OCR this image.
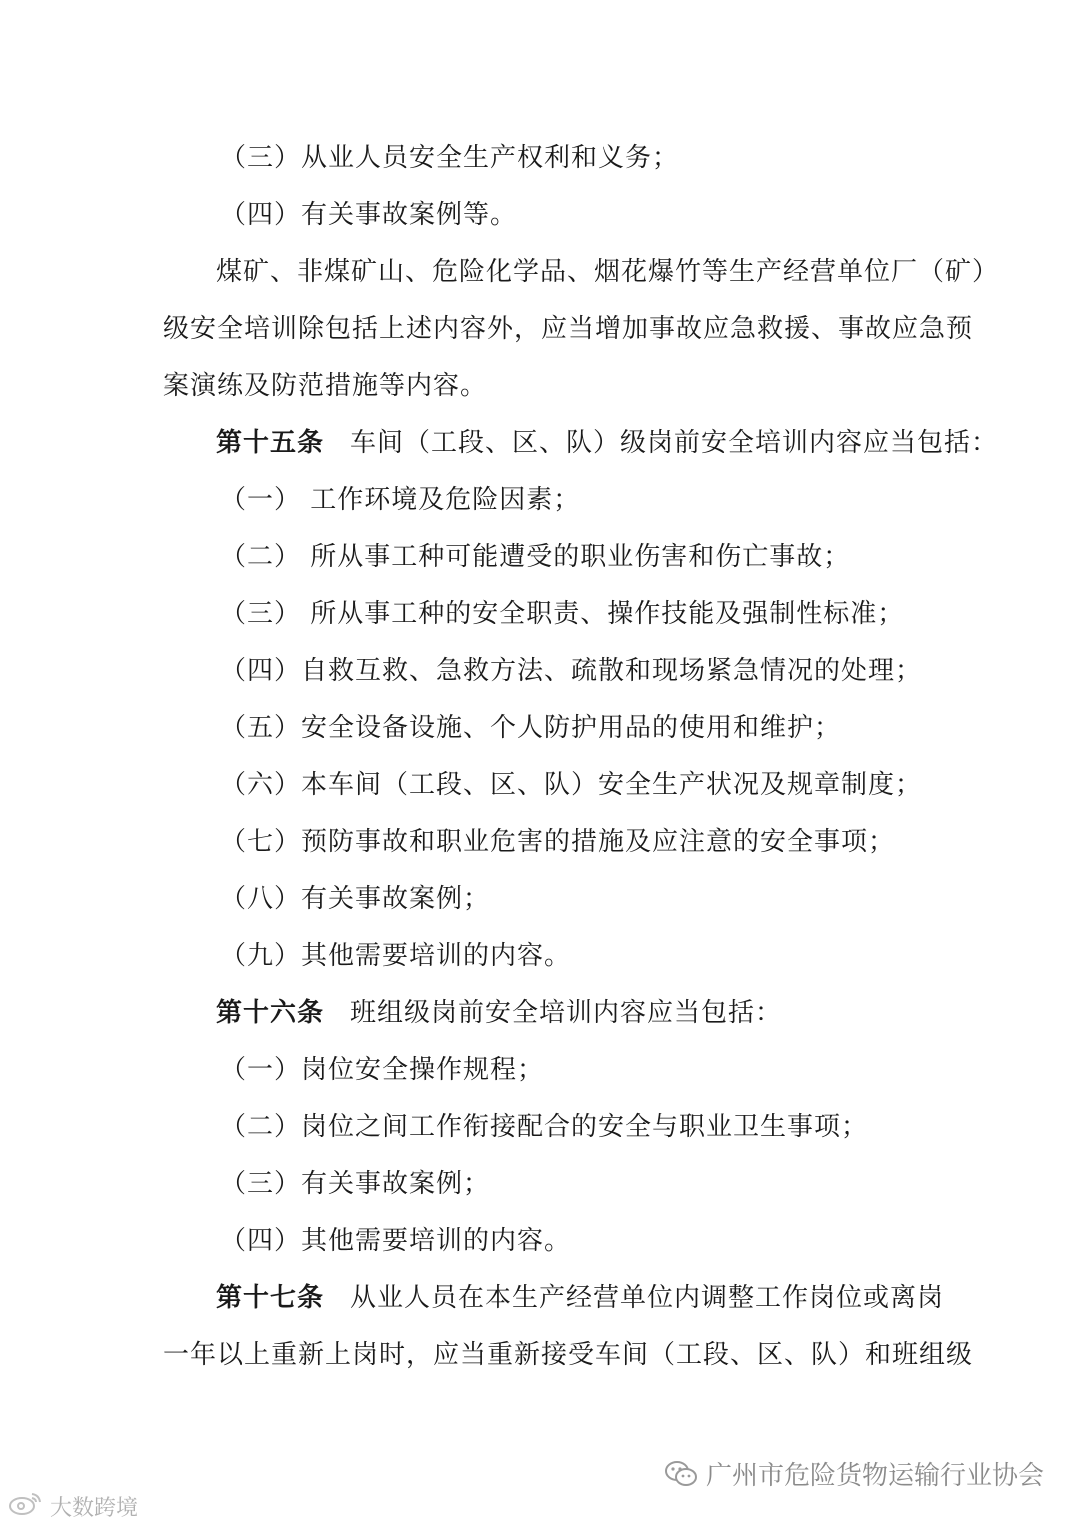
（三）从业人员安全生产权利和义务；
（四）有关事故案例等。
煤矿、非煤矿山、危险化学品、烟花爆竹等生产经营单位厂（矿）
级安全培训除包括上述内容外，应当增加事故应急救援、事故应急预
案演练及防范措施等内容。
第十五条 车间（工段、区、队）级岗前安全培训内容应当包括：
（一） 工作环境及危险因素；
（二） 所从事工种可能遭受的职业伤害和伤亡事故；
（三） 所从事工种的安全职责、操作技能及强制性标准；
（四）自救互救、急救方法、疏散和现场紧急情况的处理；
（五）安全设备设施、个人防护用品的使用和维护；
（六）本车间（工段、区、队）安全生产状况及规章制度；
（七）预防事故和职业危害的措施及应注意的安全事项；
（八）有关事故案例；
（九）其他需要培训的内容。
第十六条 班组级岗前安全培训内容应当包括：
（一）岗位安全操作规程；
（二）岗位之间工作衔接配合的安全与职业卫生事项；
（三）有关事故案例；
（四）其他需要培训的内容。
第十七条 从业人员在本生产经营单位内调整工作岗位或离岗
一年以上重新上岗时，应当重新接受车间（工段、区、队）和班组级
广州市危险货物运输行业协会
大数跨境
